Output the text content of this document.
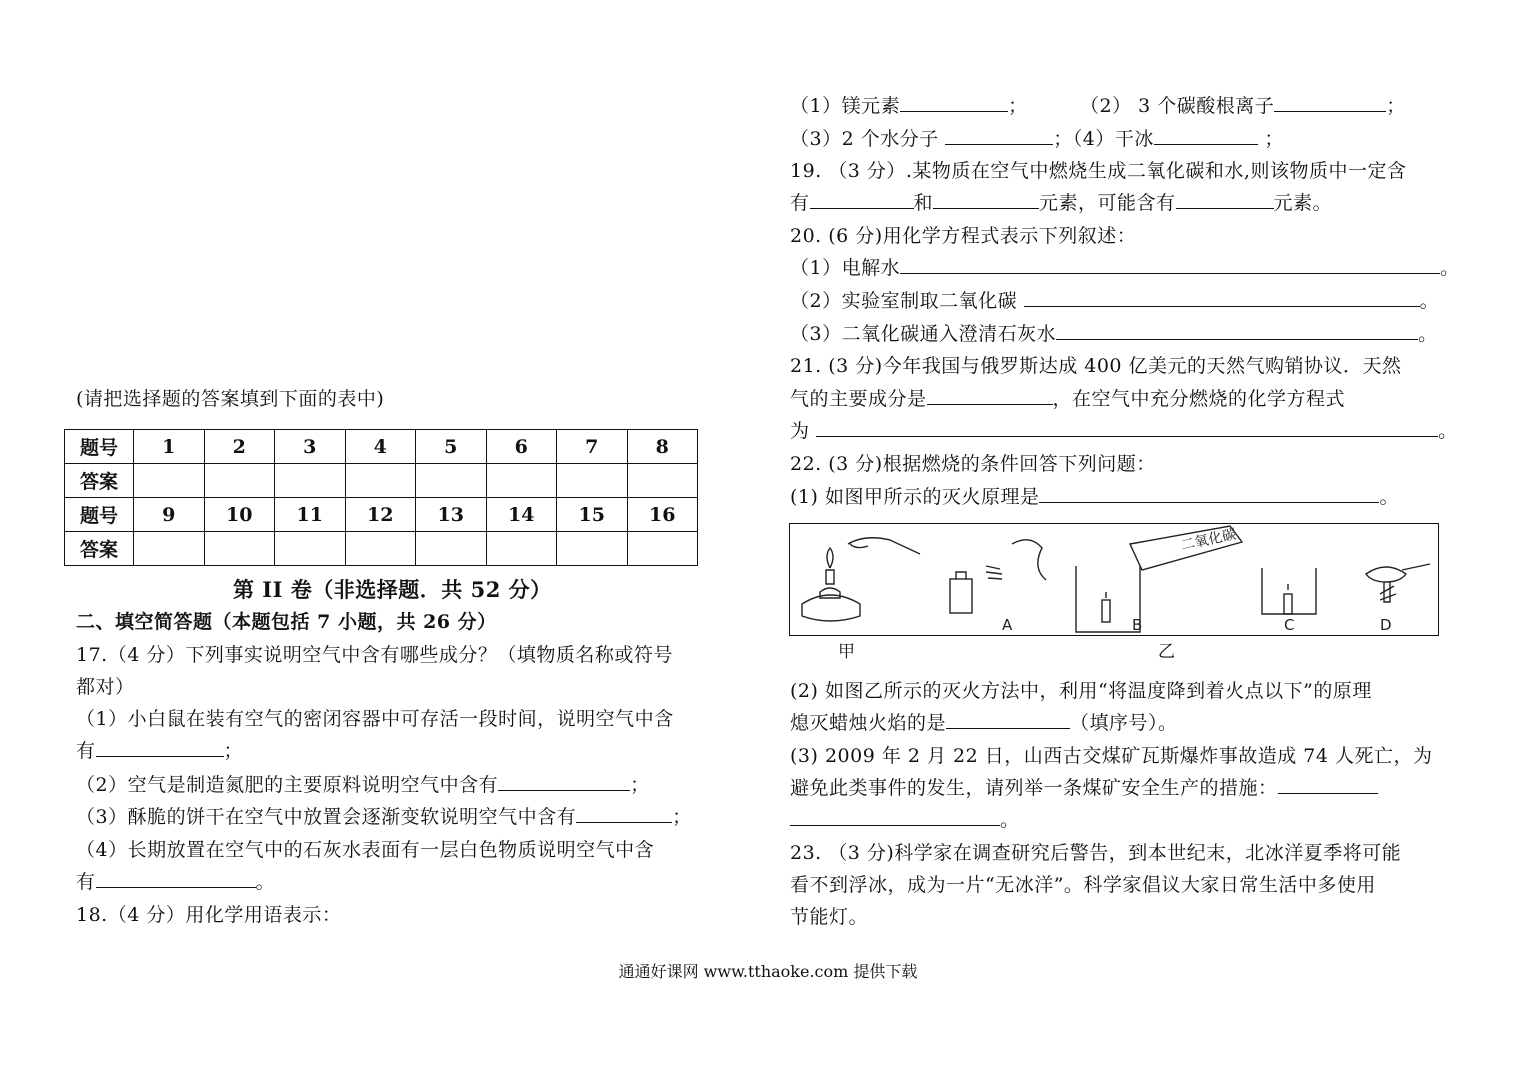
(请把选择题的答案填到下面的表中)
题号	1	2	3	4	5	6	7	8
答案								
题号	9	10	11	12	13	14	15	16
答案								
第 II 卷（非选择题．共 52 分）
二、填空简答题（本题包括 7 小题，共 26 分）
17.（4 分）下列事实说明空气中含有哪些成分？（填物质名称或符号
都对）
（1）小白鼠在装有空气的密闭容器中可存活一段时间，说明空气中含
有	；
（2）空气是制造氮肥的主要原料说明空气中含有	；
（3）酥脆的饼干在空气中放置会逐渐变软说明空气中含有	；
（4）长期放置在空气中的石灰水表面有一层白色物质说明空气中含
有	。
18.（4 分）用化学用语表示：
（1）镁元素	；	（2） 3 个碳酸根离子	；
（3）2 个水分子	；（4）干冰	；
19. （3 分）.某物质在空气中燃烧生成二氧化碳和水,则该物质中一定含
有	和	元素，可能含有	元素。
20. (6 分)用化学方程式表示下列叙述：
（1）电解水	。
（2）实验室制取二氧化碳	。
（3）二氧化碳通入澄清石灰水	。
21. (3 分)今年我国与俄罗斯达成 400 亿美元的天然气购销协议．天然
气的主要成分是	，在空气中充分燃烧的化学方程式
为	。
22. (3 分)根据燃烧的条件回答下列问题：
(1) 如图甲所示的灭火原理是	。
二氧化碳
A	B	C	D
甲	乙
(2) 如图乙所示的灭火方法中，利用“将温度降到着火点以下”的原理
熄灭蜡烛火焰的是	（填序号）。
(3) 2009 年 2 月 22 日，山西古交煤矿瓦斯爆炸事故造成 74 人死亡，为
避免此类事件的发生，请列举一条煤矿安全生产的措施：
。
23. （3 分)科学家在调查研究后警告，到本世纪末，北冰洋夏季将可能
看不到浮冰，成为一片“无冰洋”。科学家倡议大家日常生活中多使用
节能灯。
通通好课网 www.tthaoke.com 提供下载
